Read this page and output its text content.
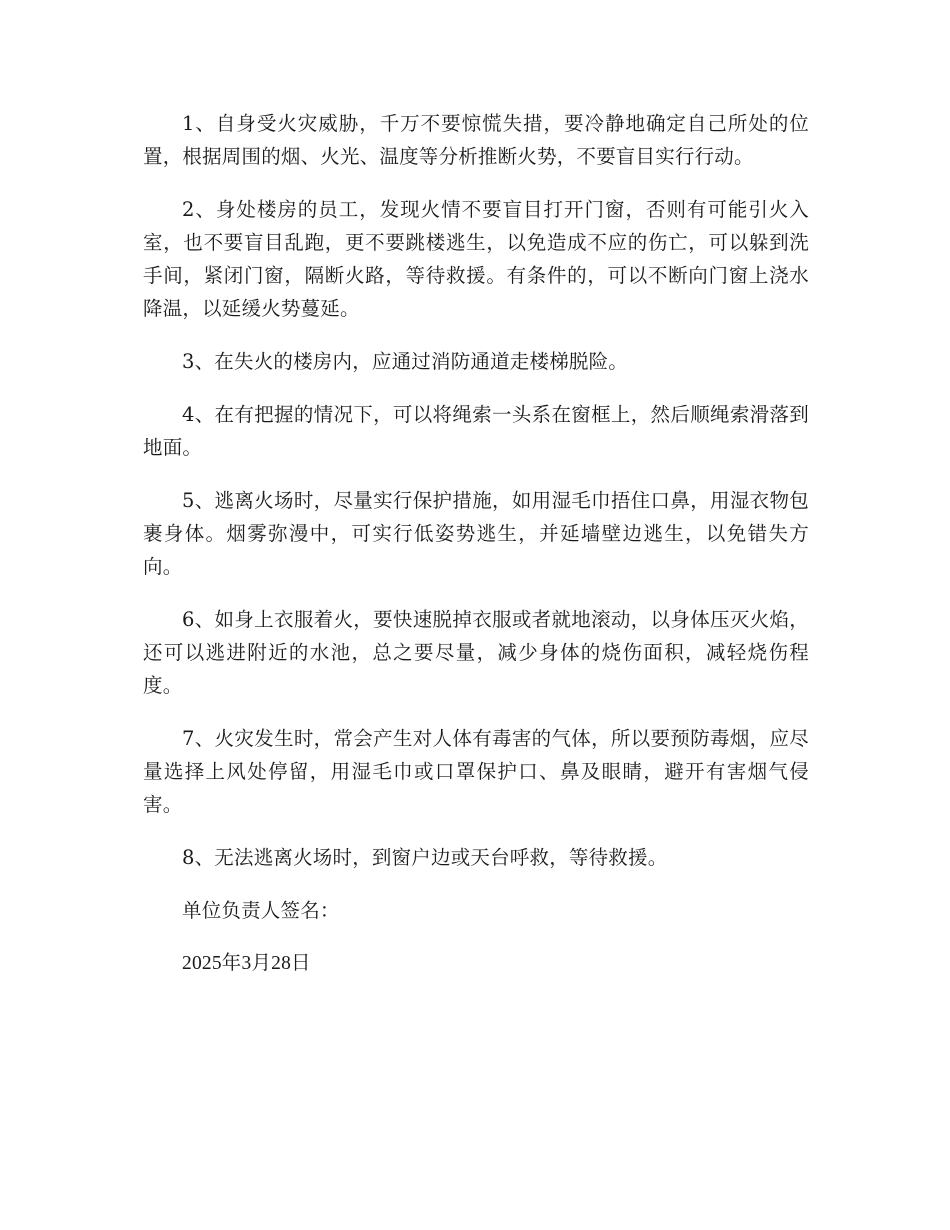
1、自身受火灾威胁，千万不要惊慌失措，要冷静地确定自己所处的位置，根据周围的烟、火光、温度等分析推断火势，不要盲目实行行动。

2、身处楼房的员工，发现火情不要盲目打开门窗，否则有可能引火入室，也不要盲目乱跑，更不要跳楼逃生，以免造成不应的伤亡，可以躲到洗手间，紧闭门窗，隔断火路，等待救援。有条件的，可以不断向门窗上浇水降温，以延缓火势蔓延。

3、在失火的楼房内，应通过消防通道走楼梯脱险。

4、在有把握的情况下，可以将绳索一头系在窗框上，然后顺绳索滑落到地面。

5、逃离火场时，尽量实行保护措施，如用湿毛巾捂住口鼻，用湿衣物包裹身体。烟雾弥漫中，可实行低姿势逃生，并延墙壁边逃生，以免错失方向。

6、如身上衣服着火，要快速脱掉衣服或者就地滚动，以身体压灭火焰，还可以逃进附近的水池，总之要尽量，减少身体的烧伤面积，减轻烧伤程度。

7、火灾发生时，常会产生对人体有毒害的气体，所以要预防毒烟，应尽量选择上风处停留，用湿毛巾或口罩保护口、鼻及眼睛，避开有害烟气侵害。

8、无法逃离火场时，到窗户边或天台呼救，等待救援。

单位负责人签名：

2025年3月28日
